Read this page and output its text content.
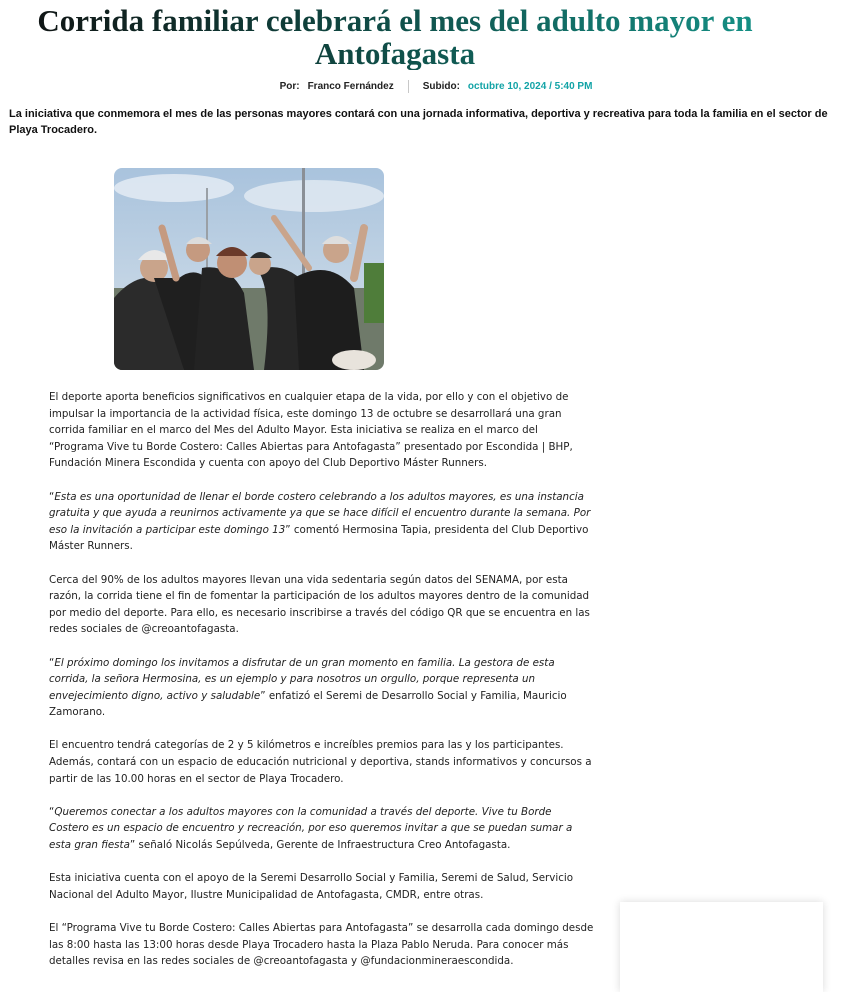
Corrida familiar celebrará el mes del adulto mayor en Antofagasta
Por: Franco Fernández	Subido: octubre 10, 2024 / 5:40 PM

La iniciativa que conmemora el mes de las personas mayores contará con una jornada informativa, deportiva y recreativa para toda la familia en el sector de Playa Trocadero.

El deporte aporta beneficios significativos en cualquier etapa de la vida, por ello y con el objetivo de impulsar la importancia de la actividad física, este domingo 13 de octubre se desarrollará una gran corrida familiar en el marco del Mes del Adulto Mayor. Esta iniciativa se realiza en el marco del “Programa Vive tu Borde Costero: Calles Abiertas para Antofagasta” presentado por Escondida | BHP, Fundación Minera Escondida y cuenta con apoyo del Club Deportivo Máster Runners.

“Esta es una oportunidad de llenar el borde costero celebrando a los adultos mayores, es una instancia gratuita y que ayuda a reunirnos activamente ya que se hace difícil el encuentro durante la semana. Por eso la invitación a participar este domingo 13” comentó Hermosina Tapia, presidenta del Club Deportivo Máster Runners.

Cerca del 90% de los adultos mayores llevan una vida sedentaria según datos del SENAMA, por esta razón, la corrida tiene el fin de fomentar la participación de los adultos mayores dentro de la comunidad por medio del deporte. Para ello, es necesario inscribirse a través del código QR que se encuentra en las redes sociales de @creoantofagasta.

“El próximo domingo los invitamos a disfrutar de un gran momento en familia. La gestora de esta corrida, la señora Hermosina, es un ejemplo y para nosotros un orgullo, porque representa un envejecimiento digno, activo y saludable” enfatizó el Seremi de Desarrollo Social y Familia, Mauricio Zamorano.

El encuentro tendrá categorías de 2 y 5 kilómetros e increíbles premios para las y los participantes. Además, contará con un espacio de educación nutricional y deportiva, stands informativos y concursos a partir de las 10.00 horas en el sector de Playa Trocadero.

“Queremos conectar a los adultos mayores con la comunidad a través del deporte. Vive tu Borde Costero es un espacio de encuentro y recreación, por eso queremos invitar a que se puedan sumar a esta gran fiesta” señaló Nicolás Sepúlveda, Gerente de Infraestructura Creo Antofagasta.

Esta iniciativa cuenta con el apoyo de la Seremi Desarrollo Social y Familia, Seremi de Salud, Servicio Nacional del Adulto Mayor, Ilustre Municipalidad de Antofagasta, CMDR, entre otras.

El “Programa Vive tu Borde Costero: Calles Abiertas para Antofagasta” se desarrolla cada domingo desde las 8:00 hasta las 13:00 horas desde Playa Trocadero hasta la Plaza Pablo Neruda. Para conocer más detalles revisa en las redes sociales de @creoantofagasta y @fundacionmineraescondida.
